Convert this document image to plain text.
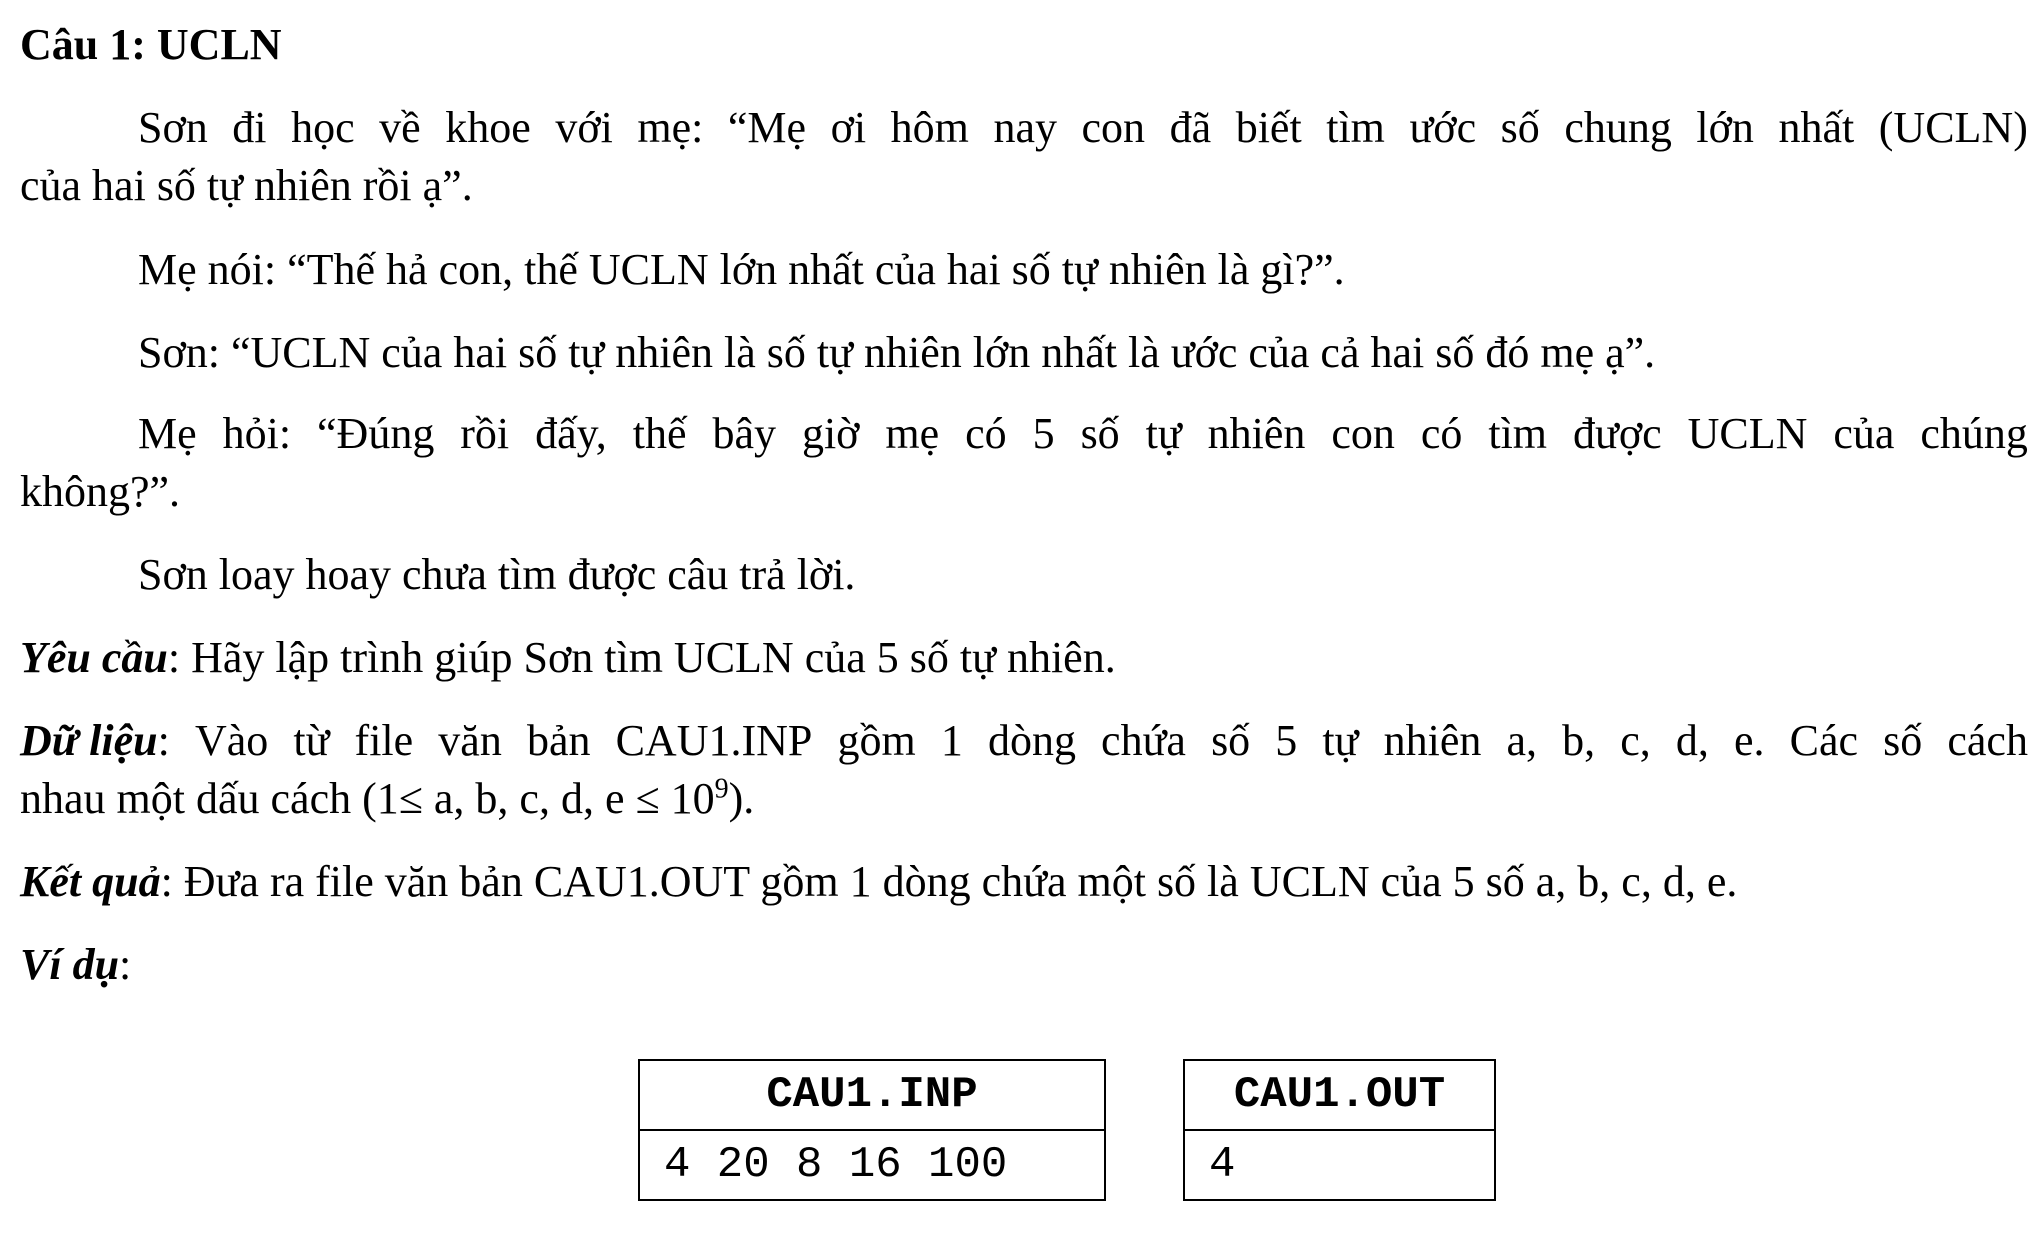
Câu 1: UCLN
Sơn đi học về khoe với mẹ: “Mẹ ơi hôm nay con đã biết tìm ước số chung lớn nhất (UCLN)
của hai số tự nhiên rồi ạ”.
Mẹ nói: “Thế hả con, thế UCLN lớn nhất của hai số tự nhiên là gì?”.
Sơn: “UCLN của hai số tự nhiên là số tự nhiên lớn nhất là ước của cả hai số đó mẹ ạ”.
Mẹ hỏi: “Đúng rồi đấy, thế bây giờ mẹ có 5 số tự nhiên con có tìm được UCLN của chúng
không?”.
Sơn loay hoay chưa tìm được câu trả lời.
Yêu cầu: Hãy lập trình giúp Sơn tìm UCLN của 5 số tự nhiên.
Dữ liệu : Vào từ file văn bản CAU1.INP gồm 1 dòng chứa số 5 tự nhiên a, b, c, d, e. Các số cách
nhau một dấu cách (1≤ a, b, c, d, $e \le 10^9$).
Kết quả: Đưa ra file văn bản CAU1.OUT gồm 1 dòng chứa một số là UCLN của 5 số a, b, c, d, e.
Ví dụ:
CAU1.INP
4 20 8 16 100
CAU1.OUT
4
